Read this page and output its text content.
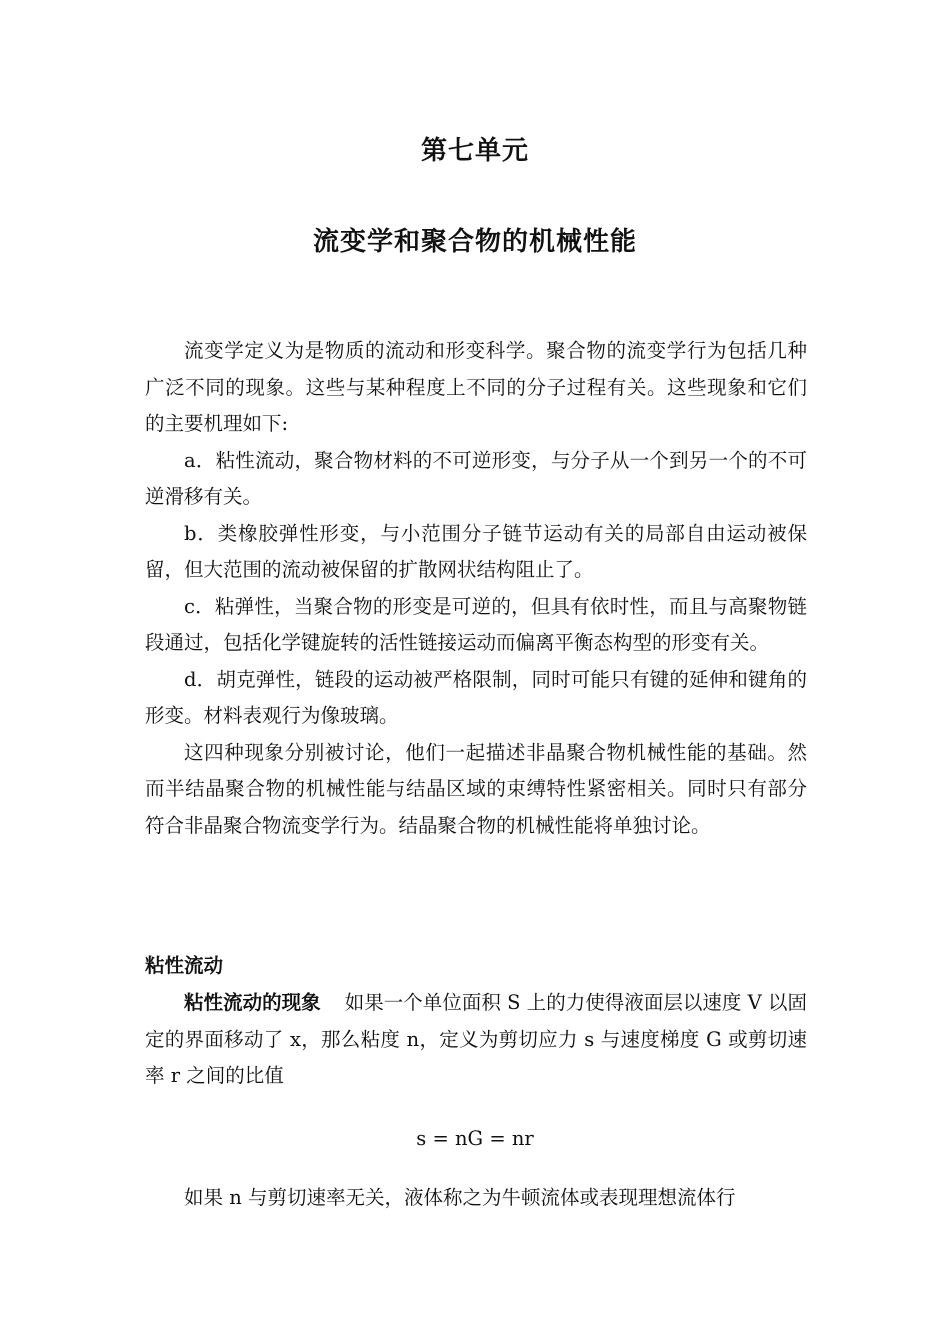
第七单元
流变学和聚合物的机械性能

流变学定义为是物质的流动和形变科学。聚合物的流变学行为包括几种广泛不同的现象。这些与某种程度上不同的分子过程有关。这些现象和它们的主要机理如下:

a．粘性流动，聚合物材料的不可逆形变，与分子从一个到另一个的不可逆滑移有关。

b．类橡胶弹性形变，与小范围分子链节运动有关的局部自由运动被保留，但大范围的流动被保留的扩散网状结构阻止了。

c．粘弹性，当聚合物的形变是可逆的，但具有依时性，而且与高聚物链段通过，包括化学键旋转的活性链接运动而偏离平衡态构型的形变有关。

d．胡克弹性，链段的运动被严格限制，同时可能只有键的延伸和键角的形变。材料表观行为像玻璃。

这四种现象分别被讨论，他们一起描述非晶聚合物机械性能的基础。然而半结晶聚合物的机械性能与结晶区域的束缚特性紧密相关。同时只有部分符合非晶聚合物流变学行为。结晶聚合物的机械性能将单独讨论。

粘性流动

粘性流动的现象 如果一个单位面积 S 上的力使得液面层以速度 V 以固定的界面移动了 x，那么粘度 n，定义为剪切应力 s 与速度梯度 G 或剪切速率 r 之间的比值

s = nG = nr

如果 n 与剪切速率无关，液体称之为牛顿流体或表现理想流体行
